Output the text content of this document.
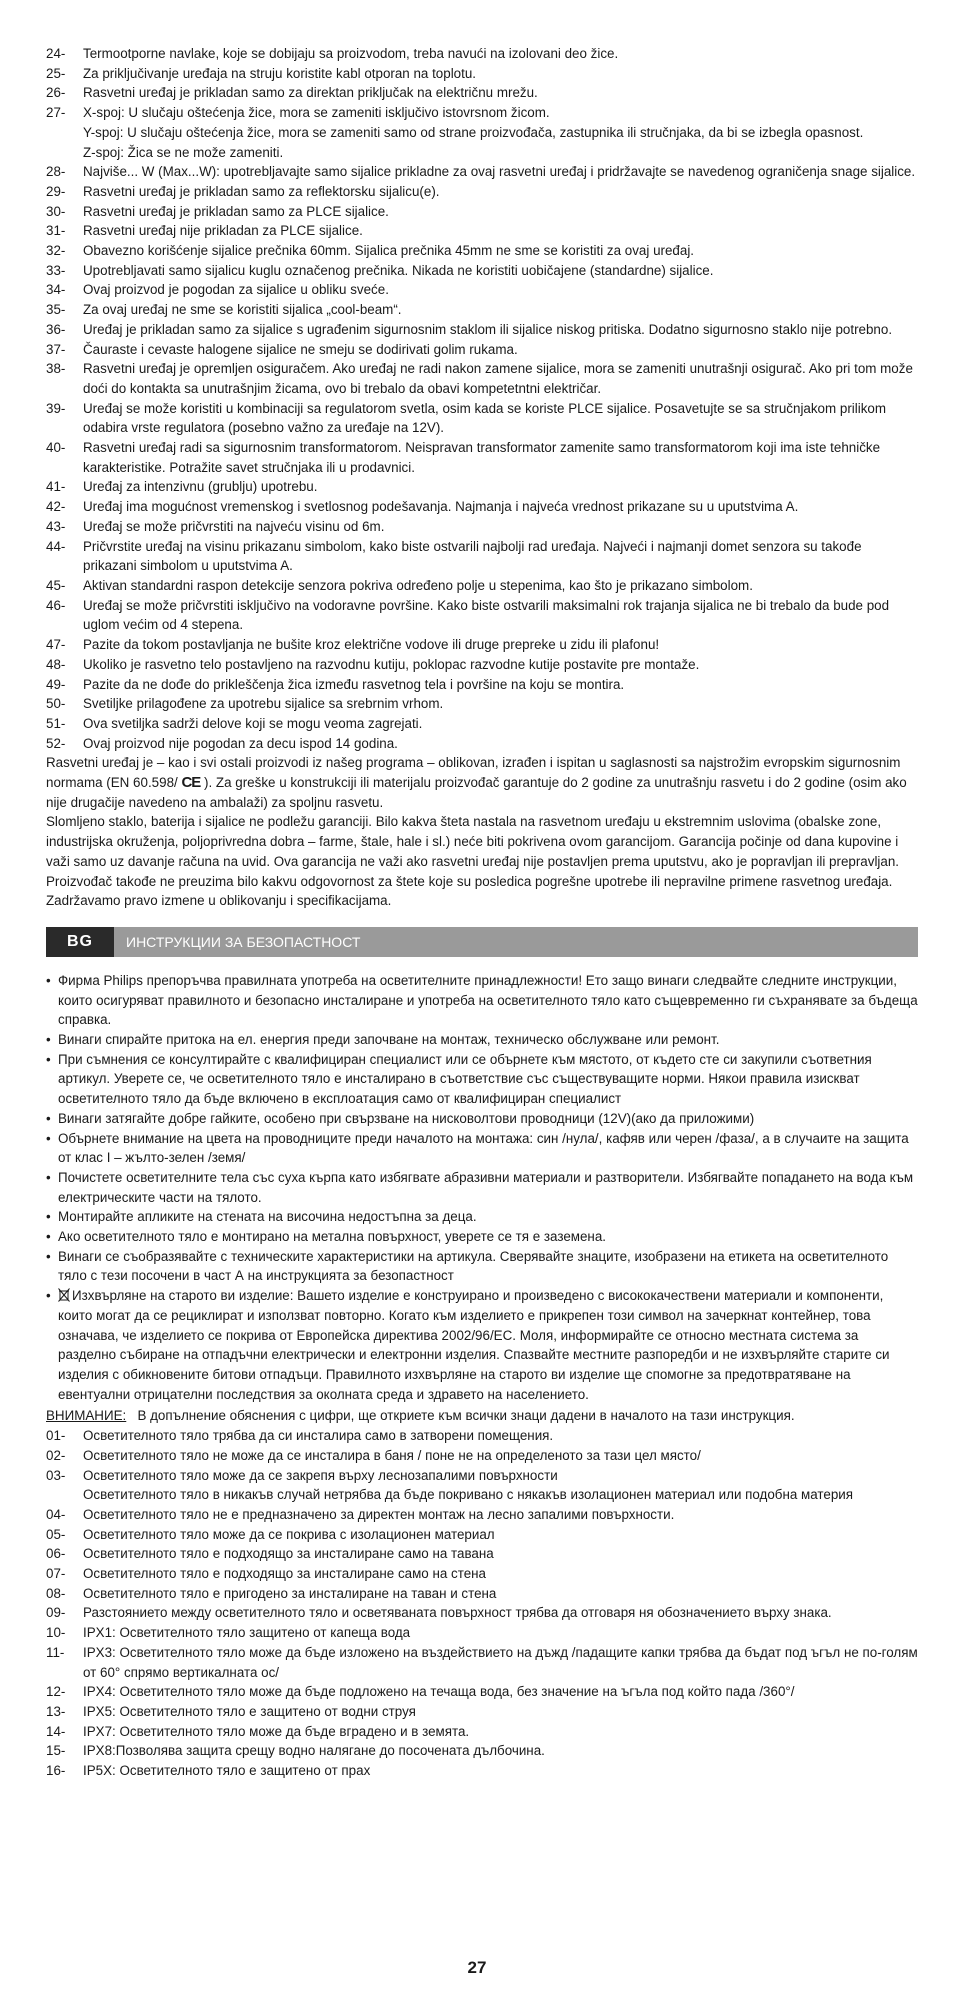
24-	Termootporne navlake, koje se dobijaju sa proizvodom, treba navući na izolovani deo žice.
25-	Za priključivanje uređaja na struju koristite kabl otporan na toplotu.
26-	Rasvetni uređaj je prikladan samo za direktan priključak na električnu mrežu.
27-	X-spoj: U slučaju oštećenja žice, mora se zameniti isključivo istovrsnom žicom.
Y-spoj: U slučaju oštećenja žice, mora se zameniti samo od strane proizvođača, zastupnika ili stručnjaka, da bi se izbegla opasnost.
Z-spoj: Žica se ne može zameniti.
28-	Najviše... W (Max...W): upotrebljavajte samo sijalice prikladne za ovaj rasvetni uređaj i pridržavajte se navedenog ograničenja snage sijalice.
29-	Rasvetni uređaj je prikladan samo za reflektorsku sijalicu(e).
30-	Rasvetni uređaj je prikladan samo za PLCE sijalice.
31-	Rasvetni uređaj nije prikladan za PLCE sijalice.
32-	Obavezno korišćenje sijalice prečnika 60mm. Sijalica prečnika 45mm ne sme se koristiti za ovaj uređaj.
33-	Upotrebljavati samo sijalicu kuglu označenog prečnika. Nikada ne koristiti uobičajene (standardne) sijalice.
34-	Ovaj proizvod je pogodan za sijalice u obliku sveće.
35-	Za ovaj uređaj ne sme se koristiti sijalica „cool-beam“.
36-	Uređaj je prikladan samo za sijalice s ugrađenim sigurnosnim staklom ili sijalice niskog pritiska. Dodatno sigurnosno staklo nije potrebno.
37-	Čauraste i cevaste halogene sijalice ne smeju se dodirivati golim rukama.
38-	Rasvetni uređaj je opremljen osiguračem. Ako uređaj ne radi nakon zamene sijalice, mora se zameniti unutrašnji osigurač. Ako pri tom može doći do kontakta sa unutrašnjim žicama, ovo bi trebalo da obavi kompetetntni električar.
39-	Uređaj se može koristiti u kombinaciji sa regulatorom svetla, osim kada se koriste PLCE sijalice. Posavetujte se sa stručnjakom prilikom odabira vrste regulatora (posebno važno za uređaje na 12V).
40-	Rasvetni uređaj radi sa sigurnosnim transformatorom. Neispravan transformator zamenite samo transformatorom koji ima iste tehničke karakteristike. Potražite savet stručnjaka ili u prodavnici.
41-	Uređaj za intenzivnu (grublju) upotrebu.
42-	Uređaj ima mogućnost vremenskog i svetlosnog podešavanja. Najmanja i najveća vrednost prikazane su u uputstvima A.
43-	Uređaj se može pričvrstiti na najveću visinu od 6m.
44-	Pričvrstite uređaj na visinu prikazanu simbolom, kako biste ostvarili najbolji rad uređaja. Najveći i najmanji domet senzora su takođe prikazani simbolom u uputstvima A.
45-	Aktivan standardni raspon detekcije senzora pokriva određeno polje u stepenima, kao što je prikazano simbolom.
46-	Uređaj se može pričvrstiti isključivo na vodoravne površine. Kako biste ostvarili maksimalni rok trajanja sijalica ne bi trebalo da bude pod uglom većim od 4 stepena.
47-	Pazite da tokom postavljanja ne bušite kroz električne vodove ili druge prepreke u zidu ili plafonu!
48-	Ukoliko je rasvetno telo postavljeno na razvodnu kutiju, poklopac razvodne kutije postavite pre montaže.
49-	Pazite da ne dođe do prikleščenja žica između rasvetnog tela i površine na koju se montira.
50-	Svetiljke prilagođene za upotrebu sijalice sa srebrnim vrhom.
51-	Ova svetiljka sadrži delove koji se mogu veoma zagrejati.
52-	Ovaj proizvod nije pogodan za decu ispod 14 godina.

Rasvetni uređaj je – kao i svi ostali proizvodi iz našeg programa – oblikovan, izrađen i ispitan u saglasnosti sa najstrožim evropskim sigurnosnim normama (EN 60.598/ CE ). Za greške u konstrukciji ili materijalu proizvođač garantuje do 2 godine za unutrašnju rasvetu i do 2 godine (osim ako nije drugačije navedeno na ambalaži) za spoljnu rasvetu.

Slomljeno staklo, baterija i sijalice ne podležu garanciji. Bilo kakva šteta nastala na rasvetnom uređaju u ekstremnim uslovima (obalske zone, industrijska okruženja, poljoprivredna dobra – farme, štale, hale i sl.) neće biti pokrivena ovom garancijom. Garancija počinje od dana kupovine i važi samo uz davanje računa na uvid. Ova garancija ne važi ako rasvetni uređaj nije postavljen prema uputstvu, ako je popravljan ili prepravljan. Proizvođač takođe ne preuzima bilo kakvu odgovornost za štete koje su posledica pogrešne upotrebe ili nepravilne primene rasvetnog uređaja.

Zadržavamo pravo izmene u oblikovanju i specifikacijama.

BG	ИНСТРУКЦИИ ЗА БЕЗОПАСТНОСТ
• Фирма Philips препоръчва правилната употреба на осветителните принадлежности! Ето защо винаги следвайте следните инструкции, които осигуряват правилното и безопасно инсталиране и употреба на осветителното тяло като същевременно ги съхранявате за бъдеща справка.
• Винаги спирайте притока на ел. енергия преди започване на монтаж, техническо обслужване или ремонт.
• При съмнения се консултирайте с квалифициран специалист или се обърнете към мястото, от където сте си закупили съответния артикул. Уверете се, че осветителното тяло е инсталирано в съответствие със съществуващите норми. Някои правила изискват осветителното тяло да бъде включено в експлоатация само от квалифициран специалист
• Винаги затягайте добре гайките, особено при свързване на нисковолтови проводници (12V)(ако да приложими)
• Обърнете внимание на цвета на проводниците преди началото на монтажа: син /нула/, кафяв или черен /фаза/, а в случаите на защита от клас I – жълто-зелен /земя/
• Почистете осветителните тела със суха кърпа като избягвате абразивни материали и разтворители. Избягвайте попадането на вода към електрическите части на тялото.
• Монтирайте апликите на стената на височина недостъпна за деца.
• Ако осветителното тяло е монтирано на метална повърхност, уверете се тя е заземена.
• Винаги се съобразявайте с техническите характеристики на артикула. Сверявайте знаците, изобразени на етикета на осветителното тяло с тези посочени в част А на инструкцията за безопастност
•	Изхвърляне на старото ви изделие: Вашето изделие е конструирано и произведено с висококачествени материали и компоненти, които могат да се рециклират и използват повторно. Когато към изделието е прикрепен този символ на зачеркнат контейнер, това означава, че изделието се покрива от Европейска директива 2002/96/ЕС. Моля, информирайте се относно местната система за разделно събиране на отпадъчни електрически и електронни изделия. Спазвайте местните разпоредби и не изхвърляйте старите си изделия с обикновените битови отпадъци. Правилното изхвърляне на старото ви изделие ще спомогне за предотвратяване на евентуални отрицателни последствия за околната среда и здравето на населението.
ВНИМАНИЕ: В допълнение обяснения с цифри, ще откриете към всички знаци дадени в началото на тази инструкция.
01-	Осветителното тяло трябва да си инсталира само в затворени помещения.
02-	Осветителното тяло не може да се инсталира в баня / поне не на определеното за тази цел място/
03-	Осветителното тяло може да се закрепя върху леснозапалими повърхности
Осветителното тяло в никакъв случай нетрябва да бъде покривано с някакъв изолационен материал или подобна материя
04-	Осветителното тяло не е предназначено за директен монтаж на лесно запалими повърхности.
05-	Осветителното тяло може да се покрива с изолационен материал
06-	Осветителното тяло е подходящо за инсталиране само на тавана
07-	Осветителното тяло е подходящо за инсталиране само на стена
08-	Осветителното тяло е пригодено за инсталиране на таван и стена
09-	Разстоянието между осветителното тяло и осветяваната повърхност трябва да отговаря ня обозначението върху знака.
10-	IPX1: Осветителното тяло защитено от капеща вода
11-	IPX3: Осветителното тяло може да бъде изложено на въздействието на дъжд /падащите капки трябва да бъдат под ъгъл не по-голям от 60° спрямо вертикалната ос/
12-	IPX4: Осветителното тяло може да бъде подложено на течаща вода, без значение на ъгъла под който пада /360°/
13-	IPX5: Осветителното тяло е защитено от водни струя
14-	IPX7: Осветителното тяло може да бъде вградено и в земята.
15-	IPX8:Позволява защита срещу водно налягане до посочената дълбочина.
16-	IP5X: Осветителното тяло е защитено от прах
27
